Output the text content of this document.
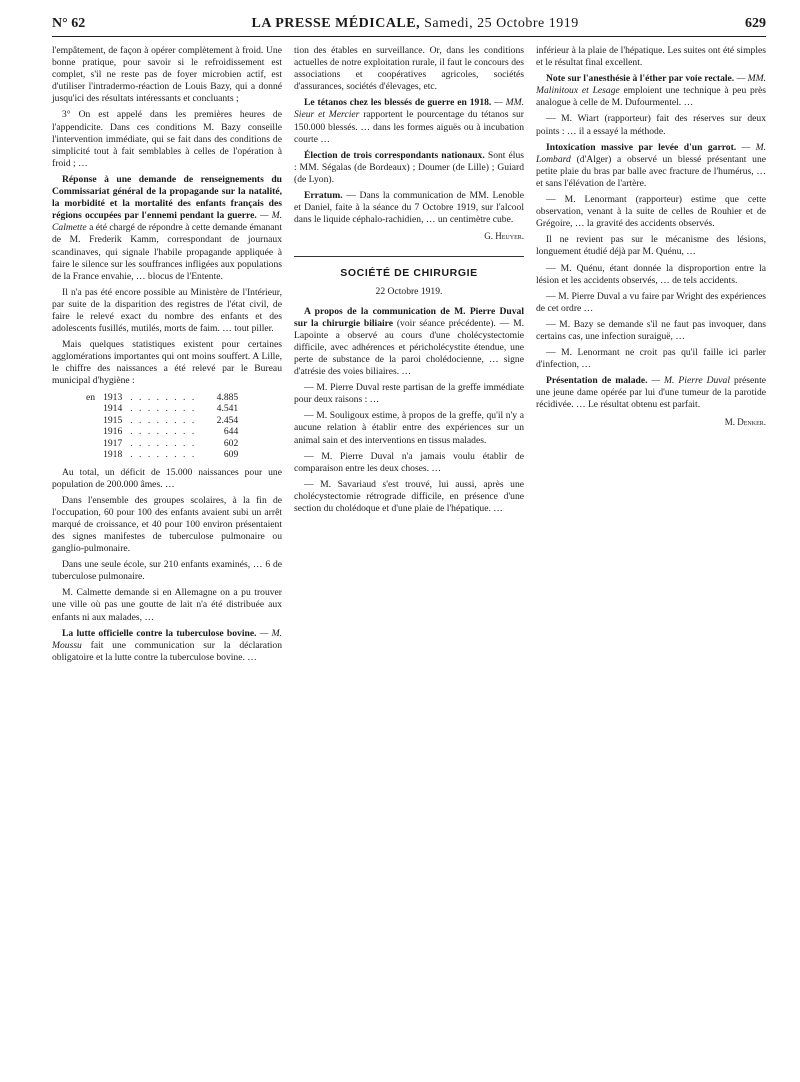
N° 62	LA PRESSE MÉDICALE, Samedi, 25 Octobre 1919	629

l'empâtement, de façon à opérer complètement à froid. Une bonne pratique, pour savoir si le refroidissement est complet, s'il ne reste pas de foyer microbien actif, est d'utiliser l'intradermo-réaction de Louis Bazy, qui a donné jusqu'ici des résultats intéressants et concluants ;

3° On est appelé dans les premières heures de l'appendicite. Dans ces conditions M. Bazy conseille l'intervention immédiate, qui se fait dans des conditions de simplicité tout à fait semblables à celles de l'opération à froid ; …

Réponse à une demande de renseignements du Commissariat général de la propagande sur la natalité, la morbidité et la mortalité des enfants français des régions occupées par l'ennemi pendant la guerre. — M. Calmette a été chargé de répondre à cette demande émanant de M. Frederik Kamm, correspondant de journaux scandinaves, qui signale l'habile propagande appliquée à faire le silence sur les souffrances infligées aux populations de la France envahie, … blocus de l'Entente.

Il n'a pas été encore possible au Ministère de l'Intérieur, par suite de la disparition des registres de l'état civil, de faire le relevé exact du nombre des enfants et des adolescents fusillés, mutilés, morts de faim. … tout piller.

Mais quelques statistiques existent pour certaines agglomérations importantes qui ont moins souffert. A Lille, le chiffre des naissances a été relevé par le Bureau municipal d'hygiène :

en	1913	. . . . . . . .	4.885
	1914	. . . . . . . .	4.541
	1915	. . . . . . . .	2.454
	1916	. . . . . . . .	644
	1917	. . . . . . . .	602
	1918	. . . . . . . .	609

Au total, un déficit de 15.000 naissances pour une population de 200.000 âmes. …

Dans l'ensemble des groupes scolaires, à la fin de l'occupation, 60 pour 100 des enfants avaient subi un arrêt marqué de croissance, et 40 pour 100 environ présentaient des signes manifestes de tuberculose pulmonaire ou ganglio-pulmonaire.

Dans une seule école, sur 210 enfants examinés, … 6 de tuberculose pulmonaire.

M. Calmette demande si en Allemagne on a pu trouver une ville où pas une goutte de lait n'a été distribuée aux enfants ni aux malades, …

La lutte officielle contre la tuberculose bovine. — M. Moussu fait une communication sur la déclaration obligatoire et la lutte contre la tuberculose bovine. …

tion des étables en surveillance. Or, dans les conditions actuelles de notre exploitation rurale, il faut le concours des associations et coopératives agricoles, sociétés d'assurances, sociétés d'élevages, etc.

Le tétanos chez les blessés de guerre en 1918. — MM. Sieur et Mercier rapportent le pourcentage du tétanos sur 150.000 blessés. … dans les formes aiguës ou à incubation courte …

Élection de trois correspondants nationaux. Sont élus : MM. Ségalas (de Bordeaux) ; Doumer (de Lille) ; Guiard (de Lyon).

Erratum. — Dans la communication de MM. Lenoble et Daniel, faite à la séance du 7 Octobre 1919, sur l'alcool dans le liquide céphalo-rachidien, … un centimètre cube.

G. Heuyer.
SOCIÉTÉ DE CHIRURGIE
22 Octobre 1919.

A propos de la communication de M. Pierre Duval sur la chirurgie biliaire (voir séance précédente). — M. Lapointe a observé au cours d'une cholécystectomie difficile, avec adhérences et péricholécystite étendue, une perte de substance de la paroi cholédocienne, … signe d'atrésie des voies biliaires. …

— M. Pierre Duval reste partisan de la greffe immédiate pour deux raisons : …

— M. Souligoux estime, à propos de la greffe, qu'il n'y a aucune relation à établir entre des expériences sur un animal sain et des interventions en tissus malades.

— M. Pierre Duval n'a jamais voulu établir de comparaison entre les deux choses. …

— M. Savariaud s'est trouvé, lui aussi, après une cholécystectomie rétrograde difficile, en présence d'une section du cholédoque et d'une plaie de l'hépatique. …

inférieur à la plaie de l'hépatique. Les suites ont été simples et le résultat final excellent.

Note sur l'anesthésie à l'éther par voie rectale. — MM. Malinitoux et Lesage emploient une technique à peu près analogue à celle de M. Dufourmentel. …

— M. Wiart (rapporteur) fait des réserves sur deux points : … il a essayé la méthode.

Intoxication massive par levée d'un garrot. — M. Lombard (d'Alger) a observé un blessé présentant une petite plaie du bras par balle avec fracture de l'humérus, … et sans l'élévation de l'artère.

— M. Lenormant (rapporteur) estime que cette observation, venant à la suite de celles de Rouhier et de Grégoire, … la gravité des accidents observés.

Il ne revient pas sur le mécanisme des lésions, longuement étudié déjà par M. Quénu, …

— M. Quénu, étant donnée la disproportion entre la lésion et les accidents observés, … de tels accidents.

— M. Pierre Duval a vu faire par Wright des expériences de cet ordre …

— M. Bazy se demande s'il ne faut pas invoquer, dans certains cas, une infection suraiguë, …

— M. Lenormant ne croit pas qu'il faille ici parler d'infection, …

Présentation de malade. — M. Pierre Duval présente une jeune dame opérée par lui d'une tumeur de la parotide récidivée. … Le résultat obtenu est parfait.

M. Denker.
